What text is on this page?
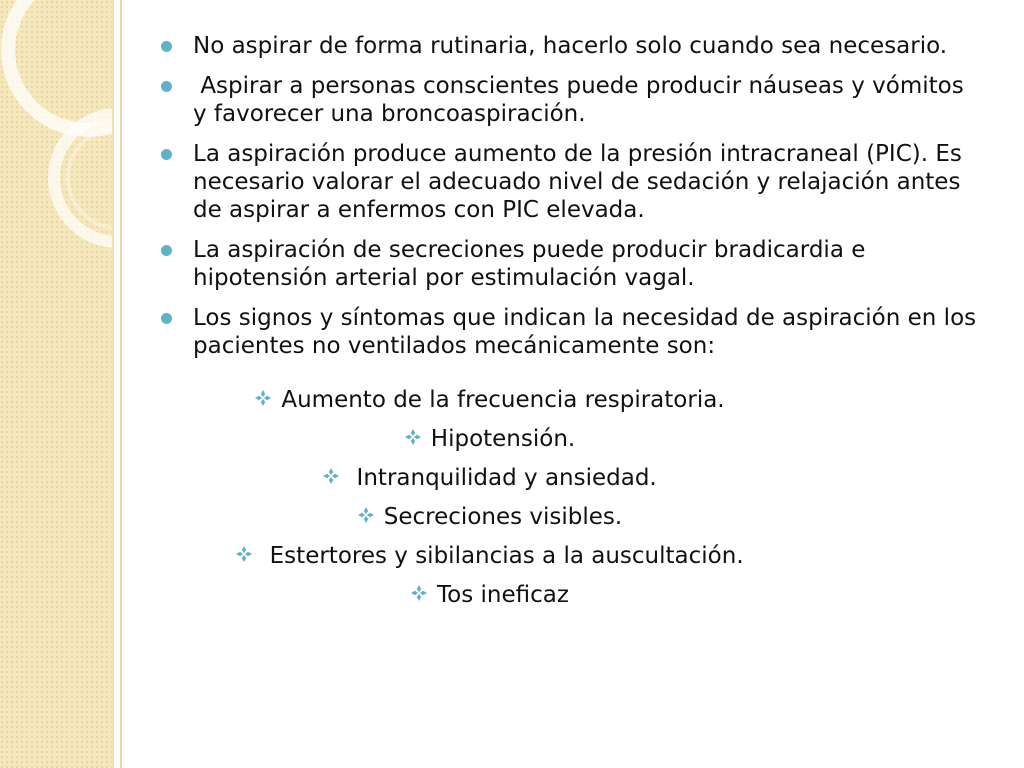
No aspirar de forma rutinaria, hacerlo solo cuando sea necesario.
Aspirar a personas conscientes puede producir náuseas y vómitos y favorecer una broncoaspiración.
La aspiración produce aumento de la presión intracraneal (PIC). Es necesario valorar el adecuado nivel de sedación y relajación antes de aspirar a enfermos con PIC elevada.
La aspiración de secreciones puede producir bradicardia e hipotensión arterial por estimulación vagal.
Los signos y síntomas que indican la necesidad de aspiración en los pacientes no ventilados mecánicamente son:
Aumento de la frecuencia respiratoria.
Hipotensión.
Intranquilidad y ansiedad.
Secreciones visibles.
Estertores y sibilancias a la auscultación.
Tos ineficaz
